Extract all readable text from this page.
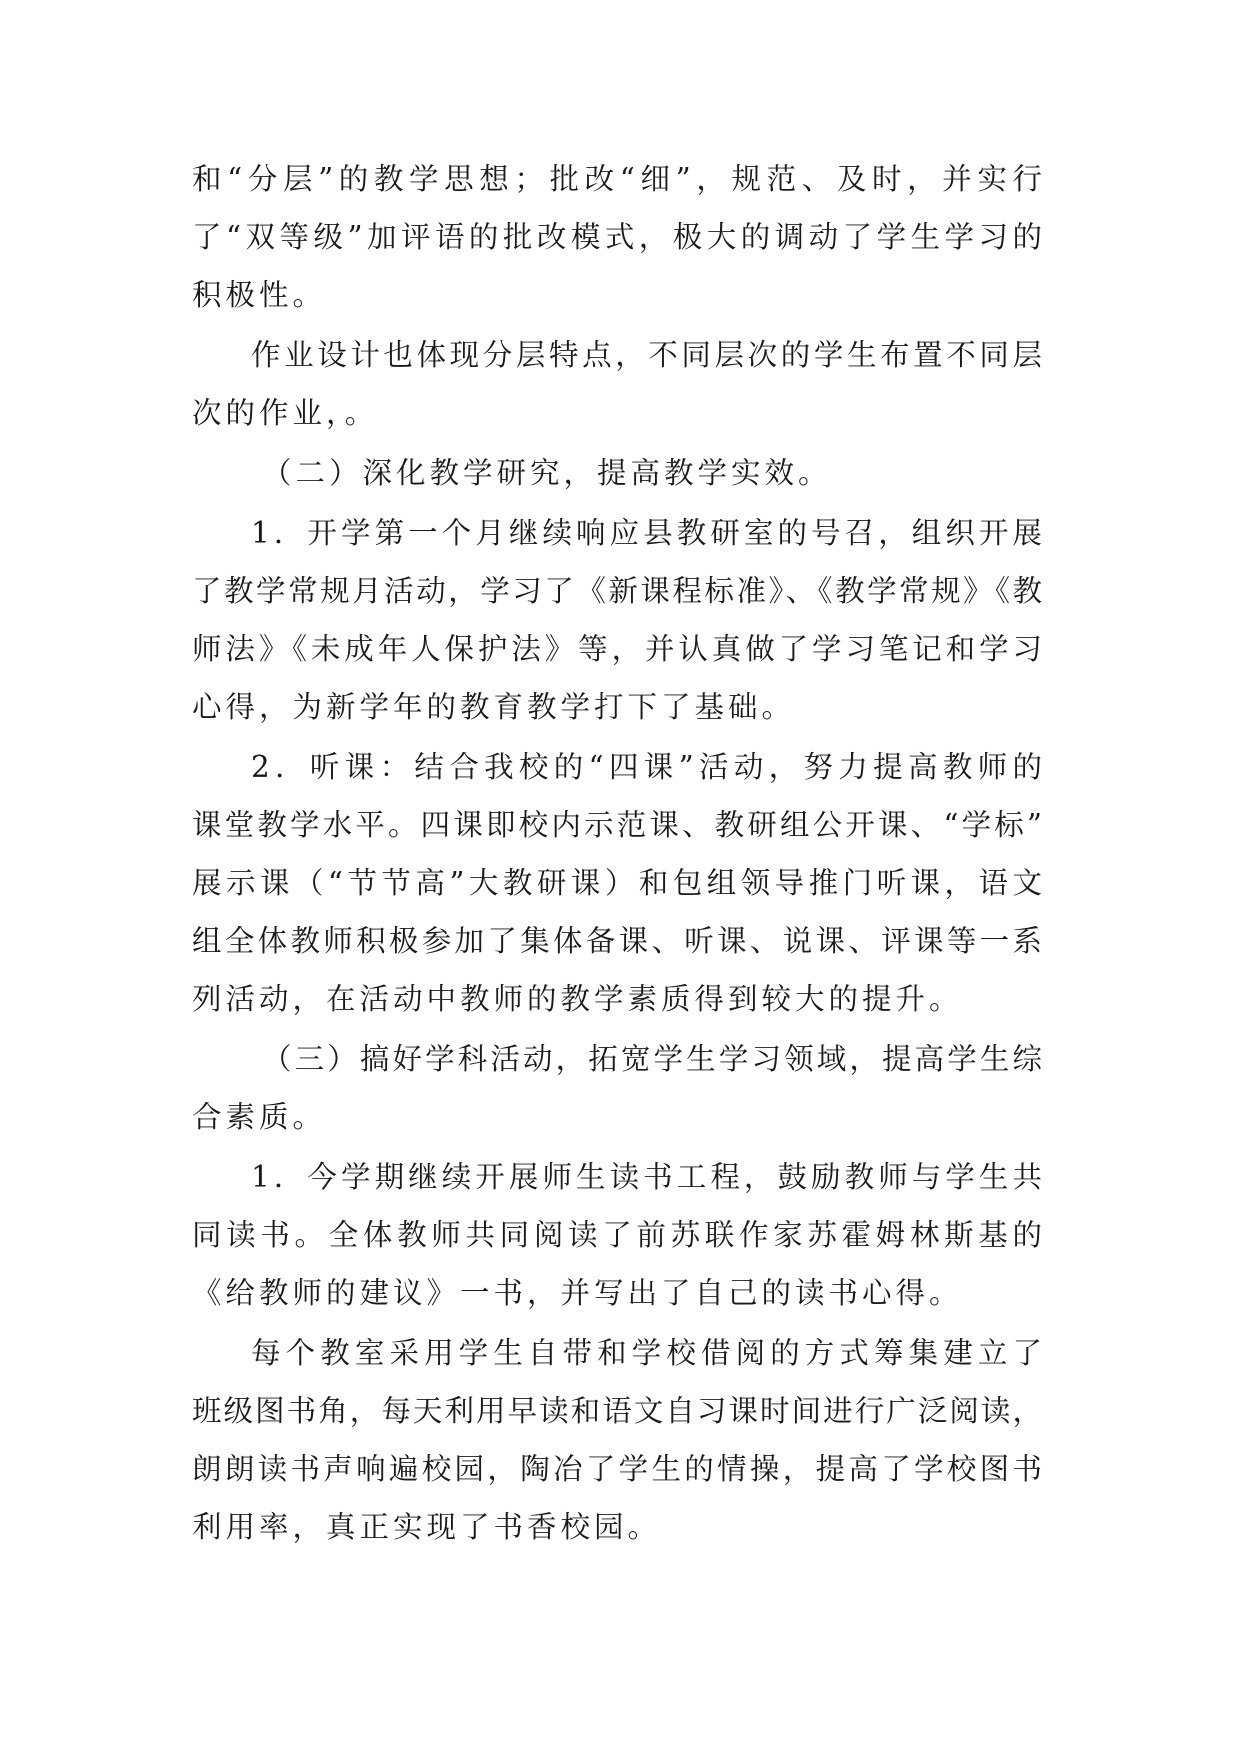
和“分层”的教学思想；批改“细”，规范、及时，并实行
了“双等级”加评语的批改模式，极大的调动了学生学习的
积极性。
作业设计也体现分层特点，不同层次的学生布置不同层
次的作业，。
（二）深化教学研究，提高教学实效。
1．开学第一个月继续响应县教研室的号召，组织开展
了教学常规月活动，学习了《新课程标准》、《教学常规》《教
师法》《未成年人保护法》等，并认真做了学习笔记和学习
心得，为新学年的教育教学打下了基础。
2．听课：结合我校的“四课”活动，努力提高教师的
课堂教学水平。四课即校内示范课、教研组公开课、“学标”
展示课（“节节高”大教研课）和包组领导推门听课，语文
组全体教师积极参加了集体备课、听课、说课、评课等一系
列活动，在活动中教师的教学素质得到较大的提升。
（三）搞好学科活动，拓宽学生学习领域，提高学生综
合素质。
1．今学期继续开展师生读书工程，鼓励教师与学生共
同读书。全体教师共同阅读了前苏联作家苏霍姆林斯基的
《给教师的建议》一书，并写出了自己的读书心得。
每个教室采用学生自带和学校借阅的方式筹集建立了
班级图书角，每天利用早读和语文自习课时间进行广泛阅读，
朗朗读书声响遍校园，陶冶了学生的情操，提高了学校图书
利用率，真正实现了书香校园。
